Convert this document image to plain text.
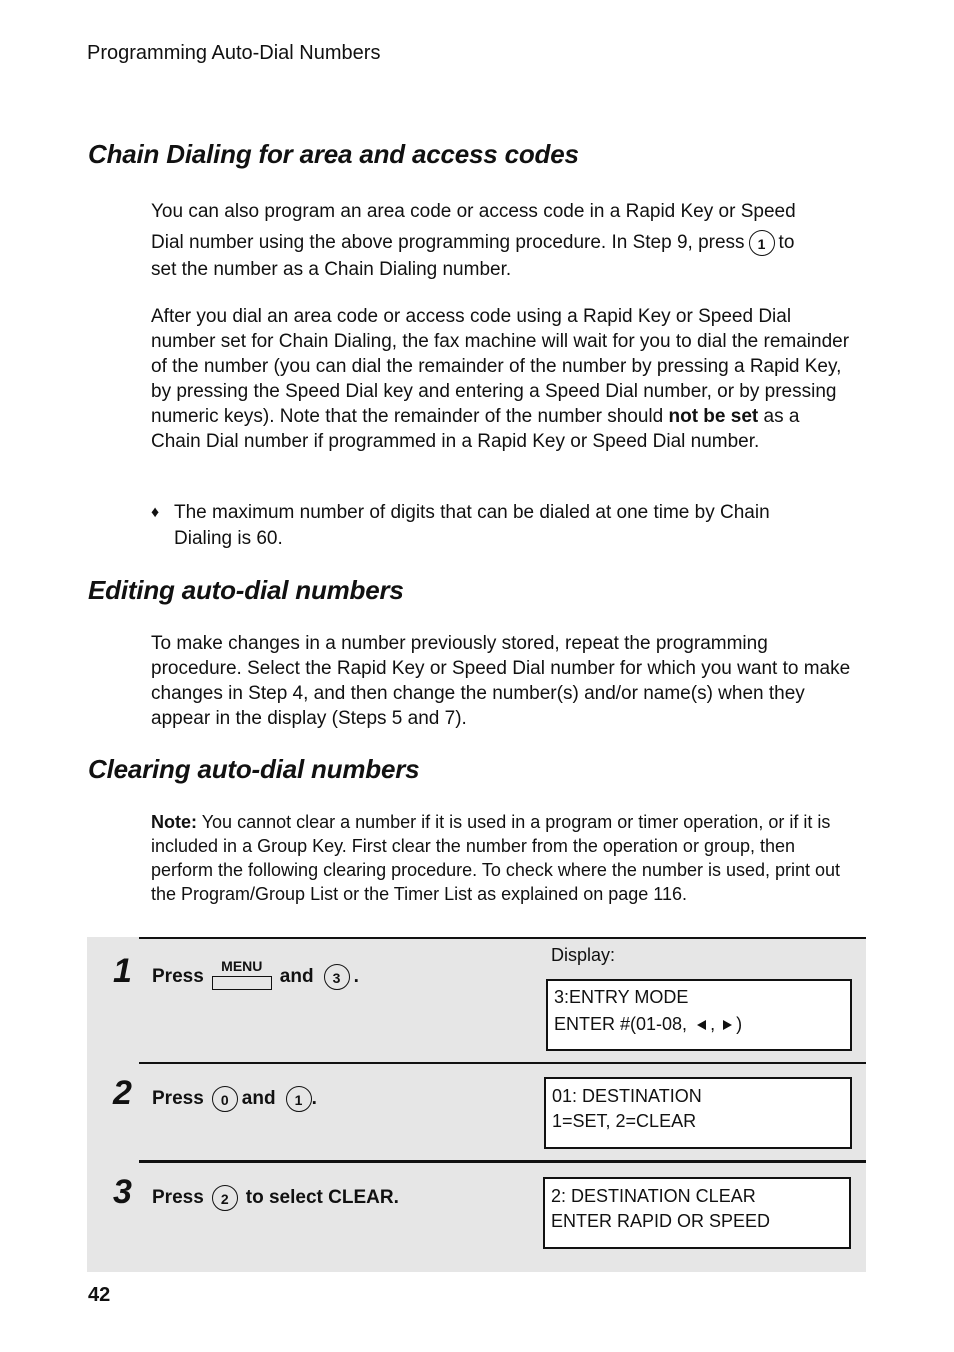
Programming Auto-Dial Numbers
Chain Dialing for area and access codes
You can also program an area code or access code in a Rapid Key or Speed
Dial number using the above programming procedure. In Step 9, press 1 to
set the number as a Chain Dialing number.

After you dial an area code or access code using a Rapid Key or Speed Dial number set for Chain Dialing, the fax machine will wait for you to dial the remainder of the number (you can dial the remainder of the number by pressing a Rapid Key, by pressing the Speed Dial key and entering a Speed Dial number, or by pressing numeric keys). Note that the remainder of the number should not be set as a Chain Dial number if programmed in a Rapid Key or Speed Dial number.

♦ The maximum number of digits that can be dialed at one time by Chain Dialing is 60.
Editing auto-dial numbers

To make changes in a number previously stored, repeat the programming procedure. Select the Rapid Key or Speed Dial number for which you want to make changes in Step 4, and then change the number(s) and/or name(s) when they appear in the display (Steps 5 and 7).

Clearing auto-dial numbers

Note: You cannot clear a number if it is used in a program or timer operation, or if it is included in a Group Key. First clear the number from the operation or group, then perform the following clearing procedure. To check where the number is used, print out the Program/Group List or the Timer List as explained on page 116.

1 Press
MENU
and 3 .
Display:
3:ENTRY MODE
ENTER #(01-08, , )
2 Press 0 and 1 .	01: DESTINATION
1=SET, 2=CLEAR
3 Press 2 to select CLEAR.	2: DESTINATION CLEAR
ENTER RAPID OR SPEED
42
